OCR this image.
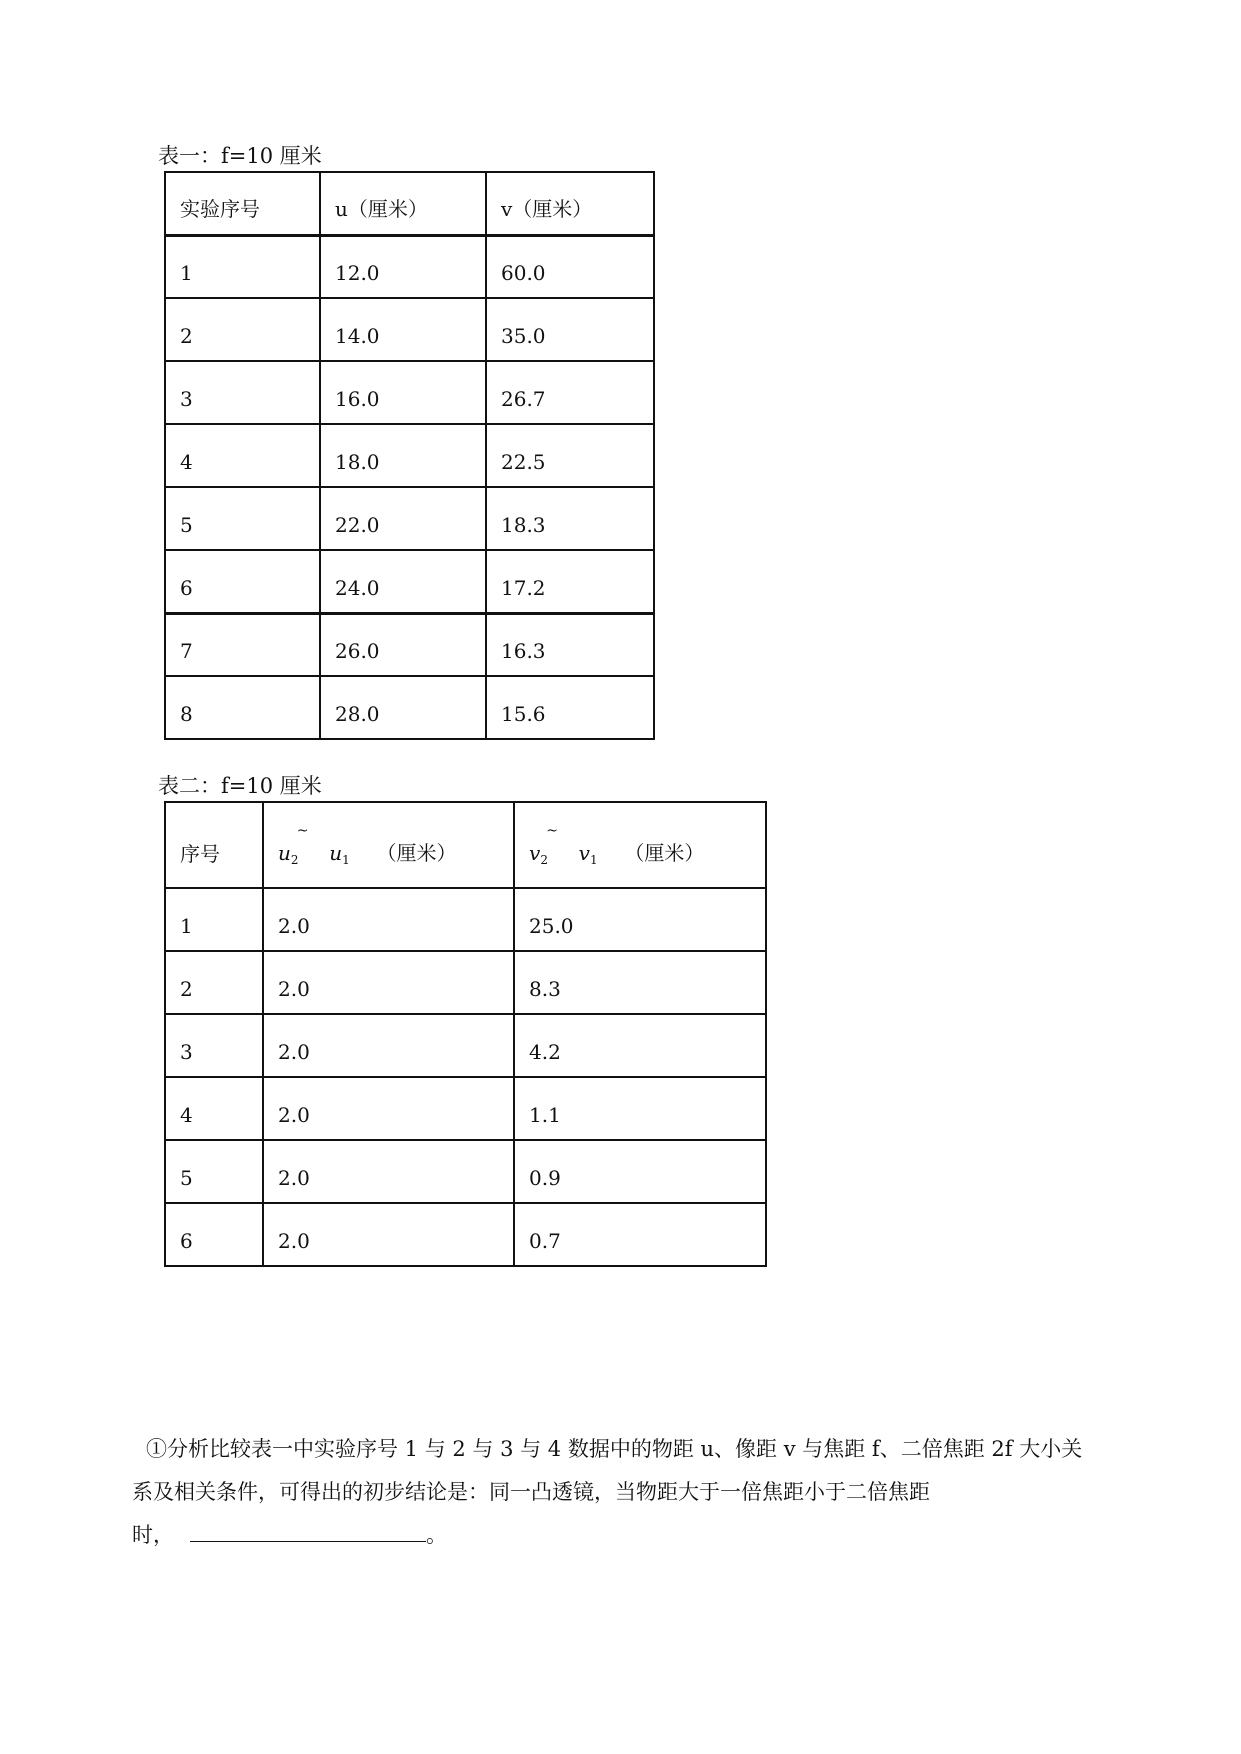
表一：f=10 厘米
实验序号	u（厘米）	v（厘米）
1	12.0	60.0
2	14.0	35.0
3	16.0	26.7
4	18.0	22.5
5	22.0	18.3
6	24.0	17.2
7	26.0	16.3
8	28.0	15.6
表二：f=10 厘米
序号	$u_2$ ~ $u_1$ （厘米）	$v_2$ ~ $v_1$ （厘米）
1	2.0	25.0
2	2.0	8.3
3	2.0	4.2
4	2.0	1.1
5	2.0	0.9
6	2.0	0.7

①分析比较表一中实验序号 1 与 2 与 3 与 4 数据中的物距 u、像距 v 与焦距 f、二倍焦距 2f 大小关

系及相关条件，可得出的初步结论是：同一凸透镜，当物距大于一倍焦距小于二倍焦距

时，	。
